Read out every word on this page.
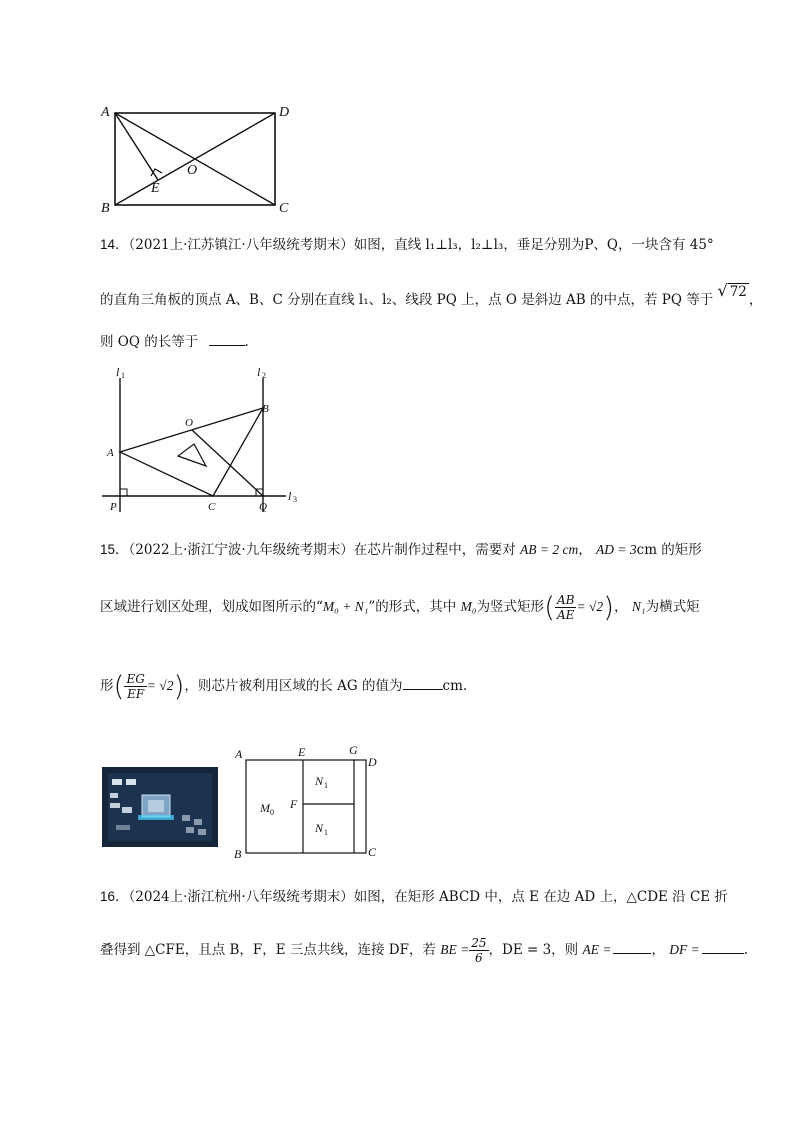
A	D
B	C
E
O
14．（2021上·江苏镇江·八年级统考期末）如图，直线 l₁⊥l₃，l₂⊥l₃，垂足分别为P、Q，一块含有 45°
的直角三角板的顶点 A、B、C 分别在直线 l₁、l₂、线段 PQ 上，点 O 是斜边 AB 的中点，若 PQ 等于 √ 72 ，
则 OQ 的长等于	.
l 1	l 2
l 3
A
B
O
P	C	Q
15．（2022上·浙江宁波·九年级统考期末）在芯片制作过程中，需要对 AB = 2 cm， AD = 3cm 的矩形
区域进行划区处理，划成如图所示的“M₀ + N₁”的形式，其中 M₀为竖式矩形( $\frac{AB}{AE} = √2$)， N₁为横式矩
形( $\frac{EG}{EF} = √2$)，则芯片被利用区域的长 AG 的值为	cm.
A	E	G
D
F
B	C
M 0
N 1
N 1
16．（2024上·浙江杭州·八年级统考期末）如图，在矩形 ABCD 中，点 E 在边 AD 上，△CDE 沿 CE 折
叠得到 △CFE，且点 B，F，E 三点共线，连接 DF，若 BE = $\frac{25}{6}$ ，DE = 3，则 AE =	， DF =	.
